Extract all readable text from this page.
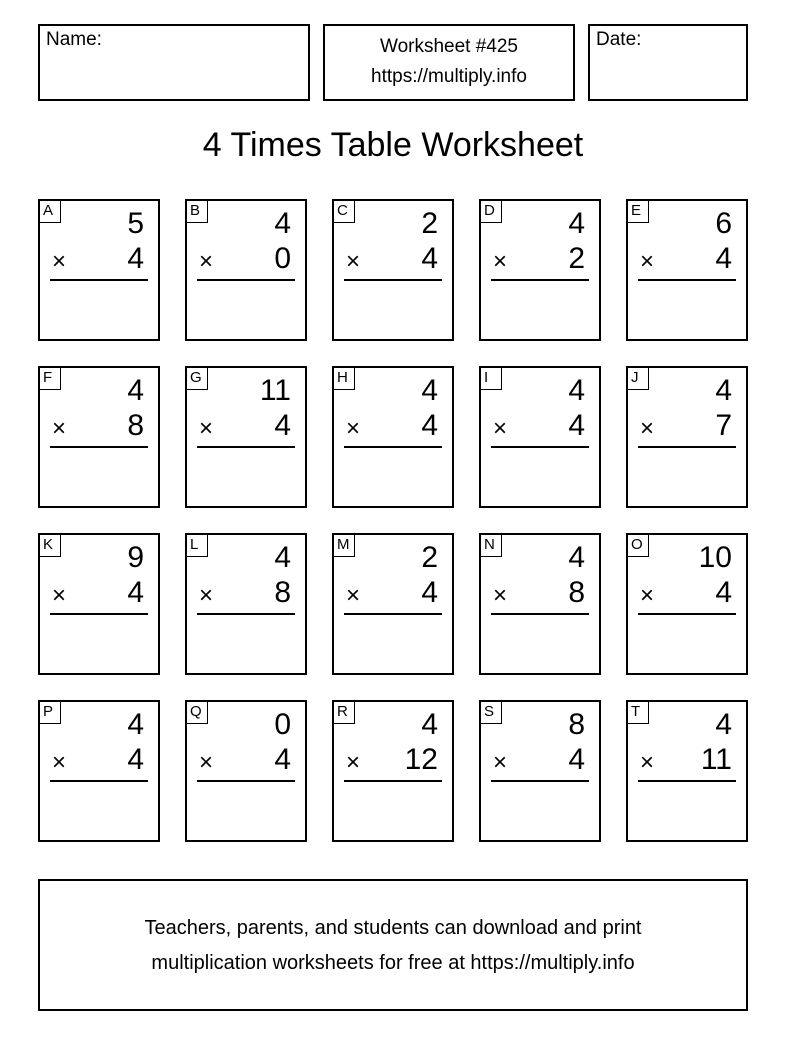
Name:	Worksheet #425
https://multiply.info
Date:
4 Times Table Worksheet
A 5
× 4
B 4
× 0
C 2
× 4
D 4
× 2
E 6
× 4
F	4
× 8
G 11
× 4
H 4
× 4
I	4
× 4
J	4
× 7
K 9
× 4
L	4
× 8
M 2
× 4
N 4
× 8
O 10
× 4
P 4
× 4
Q 0
× 4
R 4
× 12
S 8
× 4
T	4
× 11
Teachers, parents, and students can download and print
multiplication worksheets for free at https://multiply.info
